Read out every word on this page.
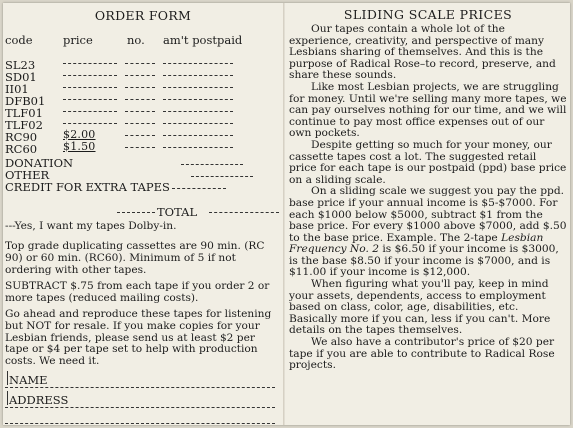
ORDER FORM

code	price	no. am't postpaid
SL23
SD01
II01
DFB01
TLF01
TLF02
RC90 $2.00
RC60 $1.50
DONATION
OTHER
CREDIT FOR EXTRA TAPES
TOTAL

---Yes, I want my tapes Dolby-in.

Top grade duplicating cassettes are 90 min. (RC 90) or 60 min. (RC60). Minimum of 5 if not ordering with other tapes.

SUBTRACT $.75 from each tape if you order 2 or more tapes (reduced mailing costs).

Go ahead and reproduce these tapes for listening but NOT for resale. If you make copies for your Lesbian friends, please send us at least $2 per tape or $4 per tape set to help with production costs. We need it.

NAME
ADDRESS

SLIDING SCALE PRICES

Our tapes contain a whole lot of the experience, creativity, and perspective of many Lesbians sharing of themselves. And this is the purpose of Radical Rose–to record, preserve, and share these sounds.

Like most Lesbian projects, we are struggling for money. Until we're selling many more tapes, we can pay ourselves nothing for our time, and we will continue to pay most office expenses out of our own pockets.

Despite getting so much for your money, our cassette tapes cost a lot. The suggested retail price for each tape is our postpaid (ppd) base price on a sliding scale.

On a sliding scale we suggest you pay the ppd. base price if your annual income is $5-$7000. For each $1000 below $5000, subtract $1 from the base price. For every $1000 above $7000, add $.50 to the base price. Example. The 2-tape Lesbian Frequency No. 2 is $6.50 if your income is $3000, is the base $8.50 if your income is $7000, and is $11.00 if your income is $12,000.

When figuring what you'll pay, keep in mind your assets, dependents, access to employment based on class, color, age, disabilities, etc. Basically more if you can, less if you can't. More details on the tapes themselves.

We also have a contributor's price of $20 per tape if you are able to contribute to Radical Rose projects.
